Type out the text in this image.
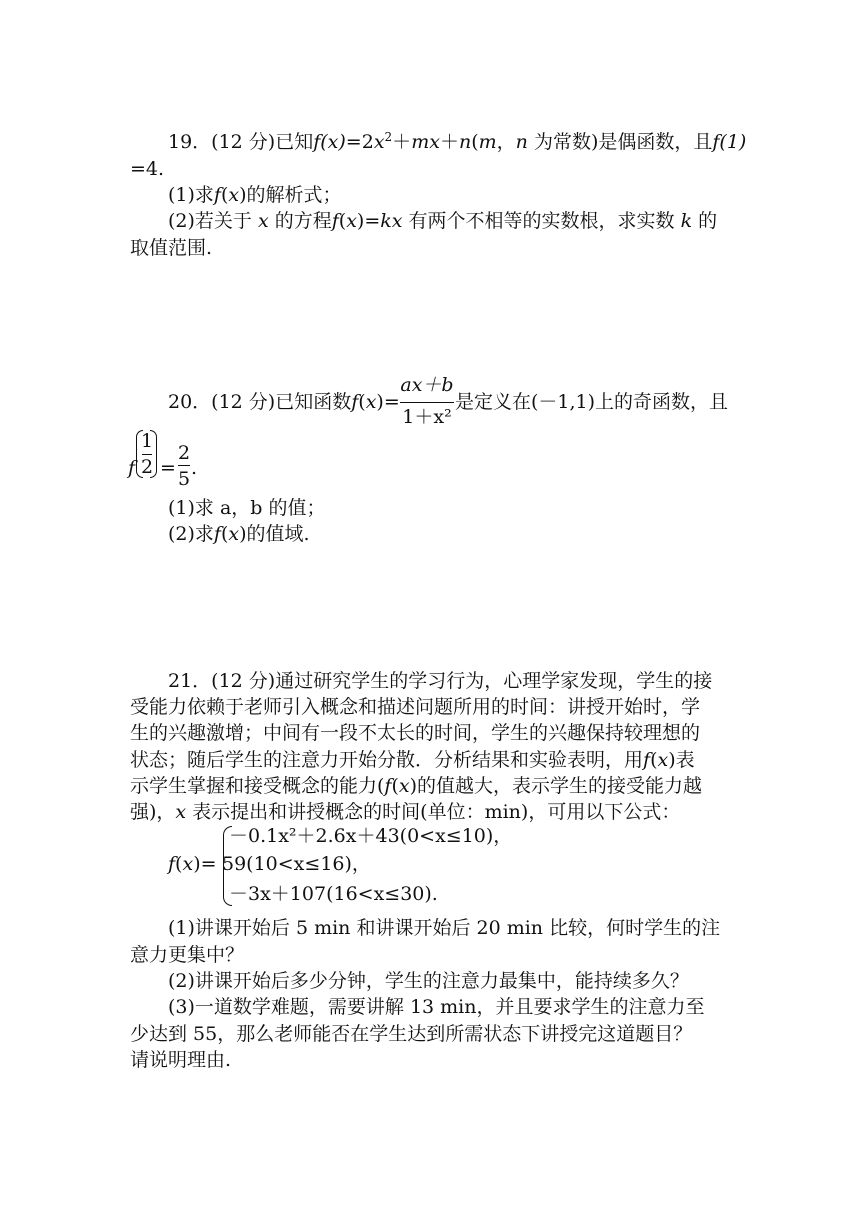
19．(12 分)已知$f(x)=2x^2+mx+n(m$，n 为常数)是偶函数，且f(1)
=4.
(1)求f(x)的解析式；
(2)若关于 x 的方程f(x)=kx 有两个不相等的实数根，求实数 k 的
取值范围.
20．(12 分)已知函数f(x)=
ax＋b
1＋x²
是定义在(－1,1)上的奇函数，且
f
1
2 =
2
5 .
(1)求 a，b 的值；
(2)求f(x)的值域.
21．(12 分)通过研究学生的学习行为，心理学家发现，学生的接
受能力依赖于老师引入概念和描述问题所用的时间：讲授开始时，学
生的兴趣激增；中间有一段不太长的时间，学生的兴趣保持较理想的
状态；随后学生的注意力开始分散．分析结果和实验表明，用f(x)表
示学生掌握和接受概念的能力(f(x)的值越大，表示学生的接受能力越
强)，x 表示提出和讲授概念的时间(单位：min)，可用以下公式：
f(x)=
－0.1x²＋2.6x＋43(0<x≤10)，
59(10<x≤16)，
－3x＋107(16<x≤30).
(1)讲课开始后 5 min 和讲课开始后 20 min 比较，何时学生的注
意力更集中？
(2)讲课开始后多少分钟，学生的注意力最集中，能持续多久？
(3)一道数学难题，需要讲解 13 min，并且要求学生的注意力至
少达到 55，那么老师能否在学生达到所需状态下讲授完这道题目？
请说明理由.
